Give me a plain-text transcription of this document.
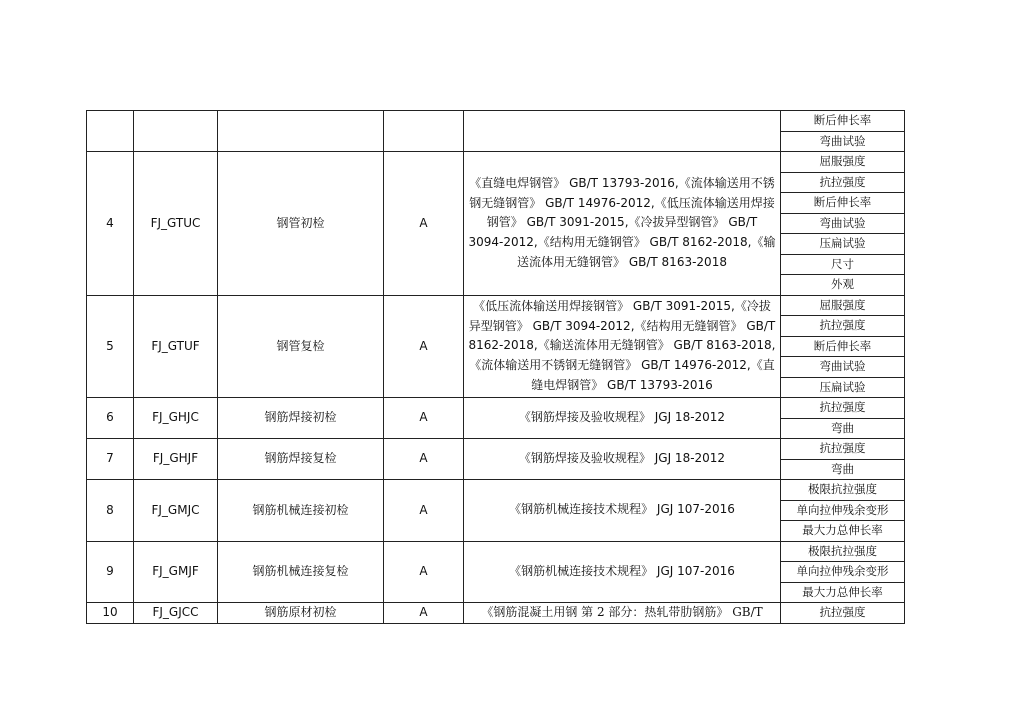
					断后伸长率
					弯曲试验
4	FJ_GTUC	钢管初检	A	《直缝电焊钢管》 GB/T 13793-2016,《流体输送用不锈钢无缝钢管》 GB/T 14976-2012,《低压流体输送用焊接钢管》 GB/T 3091-2015,《冷拔异型钢管》 GB/T 3094-2012,《结构用无缝钢管》 GB/T 8162-2018,《输送流体用无缝钢管》 GB/T 8163-2018	屈服强度
					抗拉强度
					断后伸长率
					弯曲试验
					压扁试验
					尺寸
					外观
5	FJ_GTUF	钢管复检	A	《低压流体输送用焊接钢管》 GB/T 3091-2015,《冷拔异型钢管》 GB/T 3094-2012,《结构用无缝钢管》 GB/T 8162-2018,《输送流体用无缝钢管》 GB/T 8163-2018,《流体输送用不锈钢无缝钢管》 GB/T 14976-2012,《直缝电焊钢管》 GB/T 13793-2016	屈服强度
					抗拉强度
					断后伸长率
					弯曲试验
					压扁试验
6	FJ_GHJC	钢筋焊接初检	A	《钢筋焊接及验收规程》 JGJ 18-2012	抗拉强度
					弯曲
7	FJ_GHJF	钢筋焊接复检	A	《钢筋焊接及验收规程》 JGJ 18-2012	抗拉强度
					弯曲
8	FJ_GMJC	钢筋机械连接初检	A	《钢筋机械连接技术规程》 JGJ 107-2016	极限抗拉强度
					单向拉伸残余变形
					最大力总伸长率
9	FJ_GMJF	钢筋机械连接复检	A	《钢筋机械连接技术规程》 JGJ 107-2016	极限抗拉强度
					单向拉伸残余变形
					最大力总伸长率
10	FJ_GJCC	钢筋原材初检	A	《钢筋混凝土用钢 第 2 部分：热轧带肋钢筋》 GB/T	抗拉强度
